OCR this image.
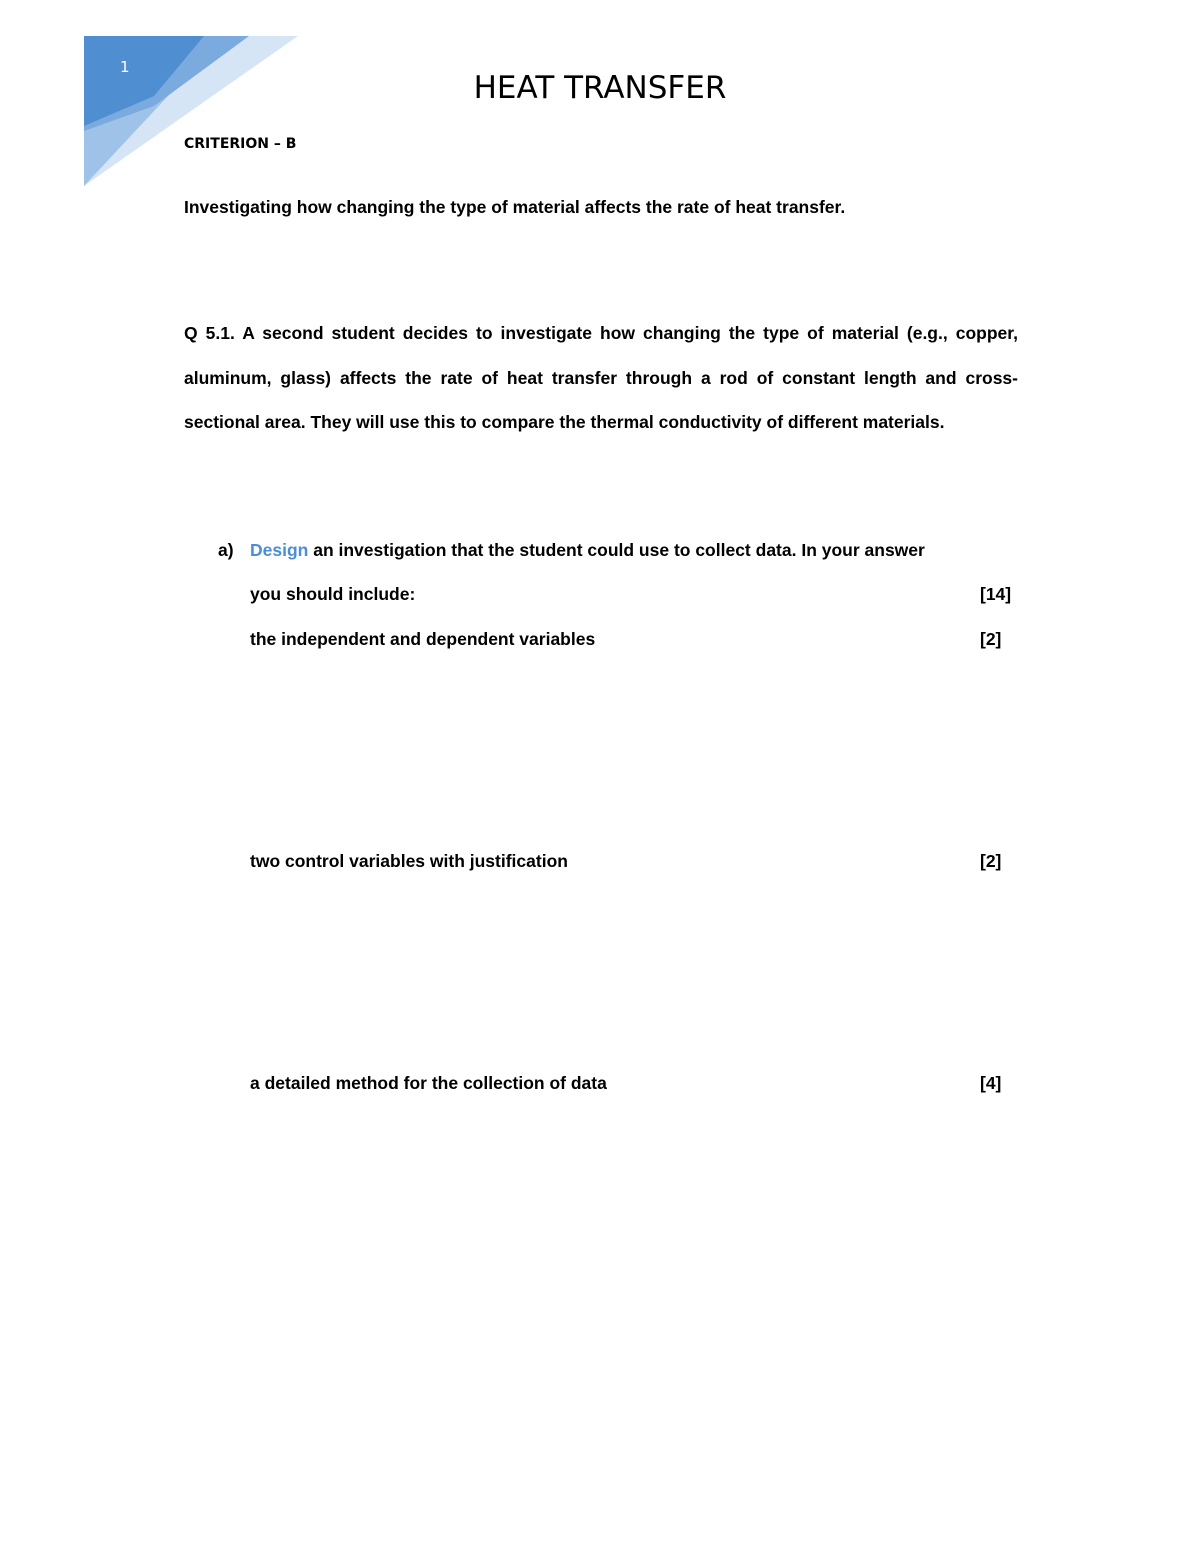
1
HEAT TRANSFER
CRITERION – B
Investigating how changing the type of material affects the rate of heat transfer.
Q 5.1. A second student decides to investigate how changing the type of material (e.g., copper, aluminum, glass) affects the rate of heat transfer through a rod of constant length and cross-sectional area. They will use this to compare the thermal conductivity of different materials.
a) Design an investigation that the student could use to collect data. In your answer
you should include:	[14]
the independent and dependent variables	[2]
two control variables with justification	[2]
a detailed method for the collection of data	[4]
